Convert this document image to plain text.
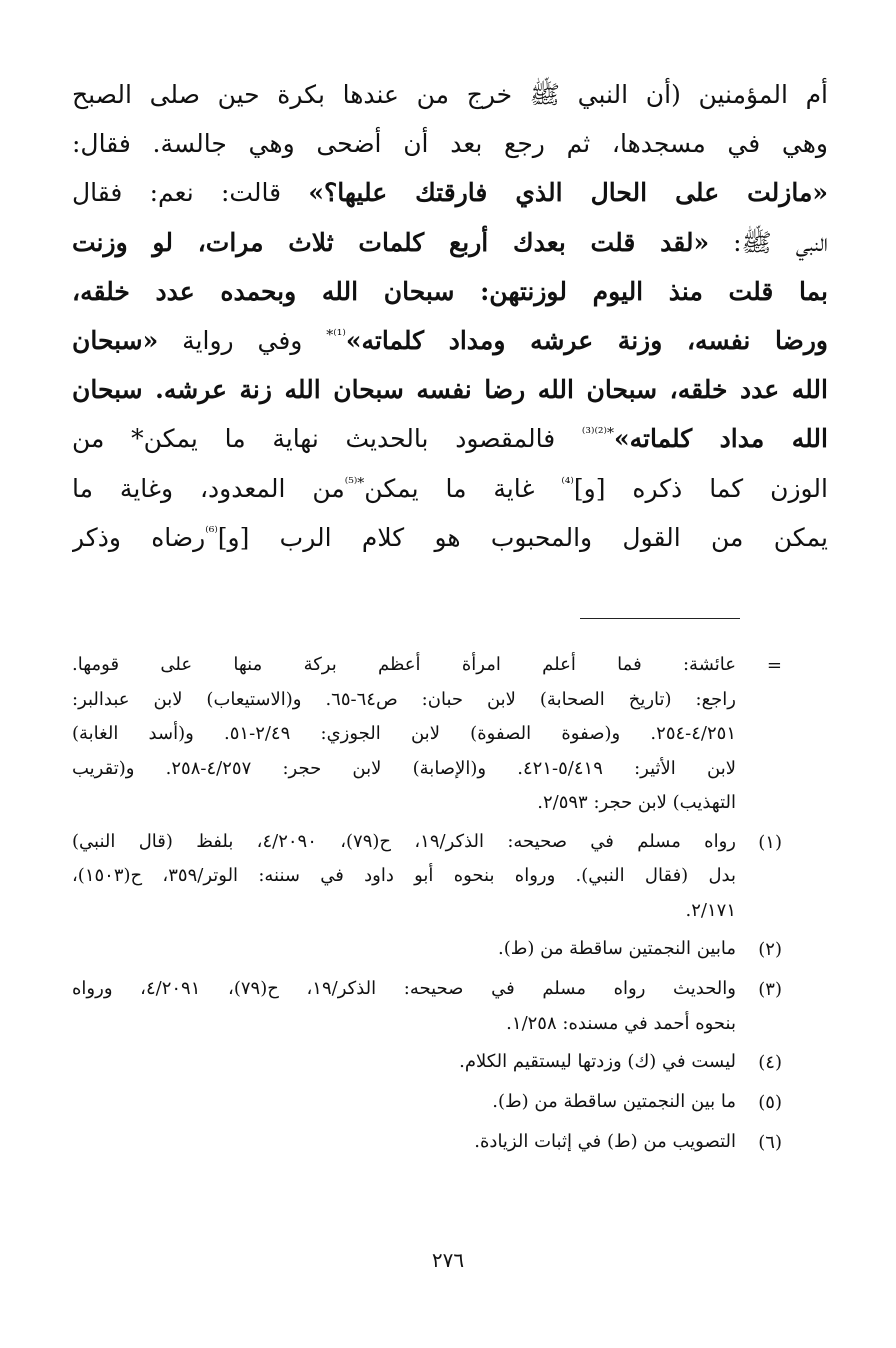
أم المؤمنين (أن النبي ﷺ خرج من عندها بكرة حين صلى الصبح
وهي في مسجدها، ثم رجع بعد أن أضحى وهي جالسة. فقال:
«مازلت على الحال الذي فارقتك عليها؟» قالت: نعم: فقال
النبي ﷺ: «لقد قلت بعدك أربع كلمات ثلاث مرات، لو وزنت
بما قلت منذ اليوم لوزنتهن: سبحان الله وبحمده عدد خلقه،
ورضا نفسه، وزنة عرشه ومداد كلماته»$^{^{(1)}*}$ وفي رواية «سبحان
الله عدد خلقه، سبحان الله رضا نفسه سبحان الله زنة عرشه. سبحان
الله مداد كلماته»$^{*^{(2)(3)}}$ فالمقصود بالحديث نهاية ما يمكن* من
الوزن كما ذكره [و]$^{^{(4)}}$ غاية ما يمكن$^{*^{(5)}}$من المعدود، وغاية ما
يمكن من القول والمحبوب هو كلام الرب [و]$^{^{(6)}}$رضاه وذكر
=
عائشة: فما أعلم امرأة أعظم بركة منها على قومها.
راجع: (تاريخ الصحابة) لابن حبان: ص٦٤-٦٥. و(الاستيعاب) لابن عبدالبر:
٤/٢٥١-٢٥٤. و(صفوة الصفوة) لابن الجوزي: ٢/٤٩-٥١. و(أسد الغابة)
لابن الأثير: ٥/٤١٩-٤٢١. و(الإصابة) لابن حجر: ٤/٢٥٧-٢٥٨. و(تقريب
التهذيب) لابن حجر: ٢/٥٩٣.
(١)
رواه مسلم في صحيحه: الذكر/١٩، ح(٧٩)، ٤/٢٠٩٠، بلفظ (قال النبي)
بدل (فقال النبي). ورواه بنحوه أبو داود في سننه: الوتر/٣٥٩، ح(١٥٠٣)،
٢/١٧١.
(٢)
مابين النجمتين ساقطة من (ط).
(٣)
والحديث رواه مسلم في صحيحه: الذكر/١٩، ح(٧٩)، ٤/٢٠٩١، ورواه
بنحوه أحمد في مسنده: ١/٢٥٨.
(٤)
ليست في (ك) وزدتها ليستقيم الكلام.
(٥)
ما بين النجمتين ساقطة من (ط).
(٦)
التصويب من (ط) في إثبات الزيادة.
٢٧٦
